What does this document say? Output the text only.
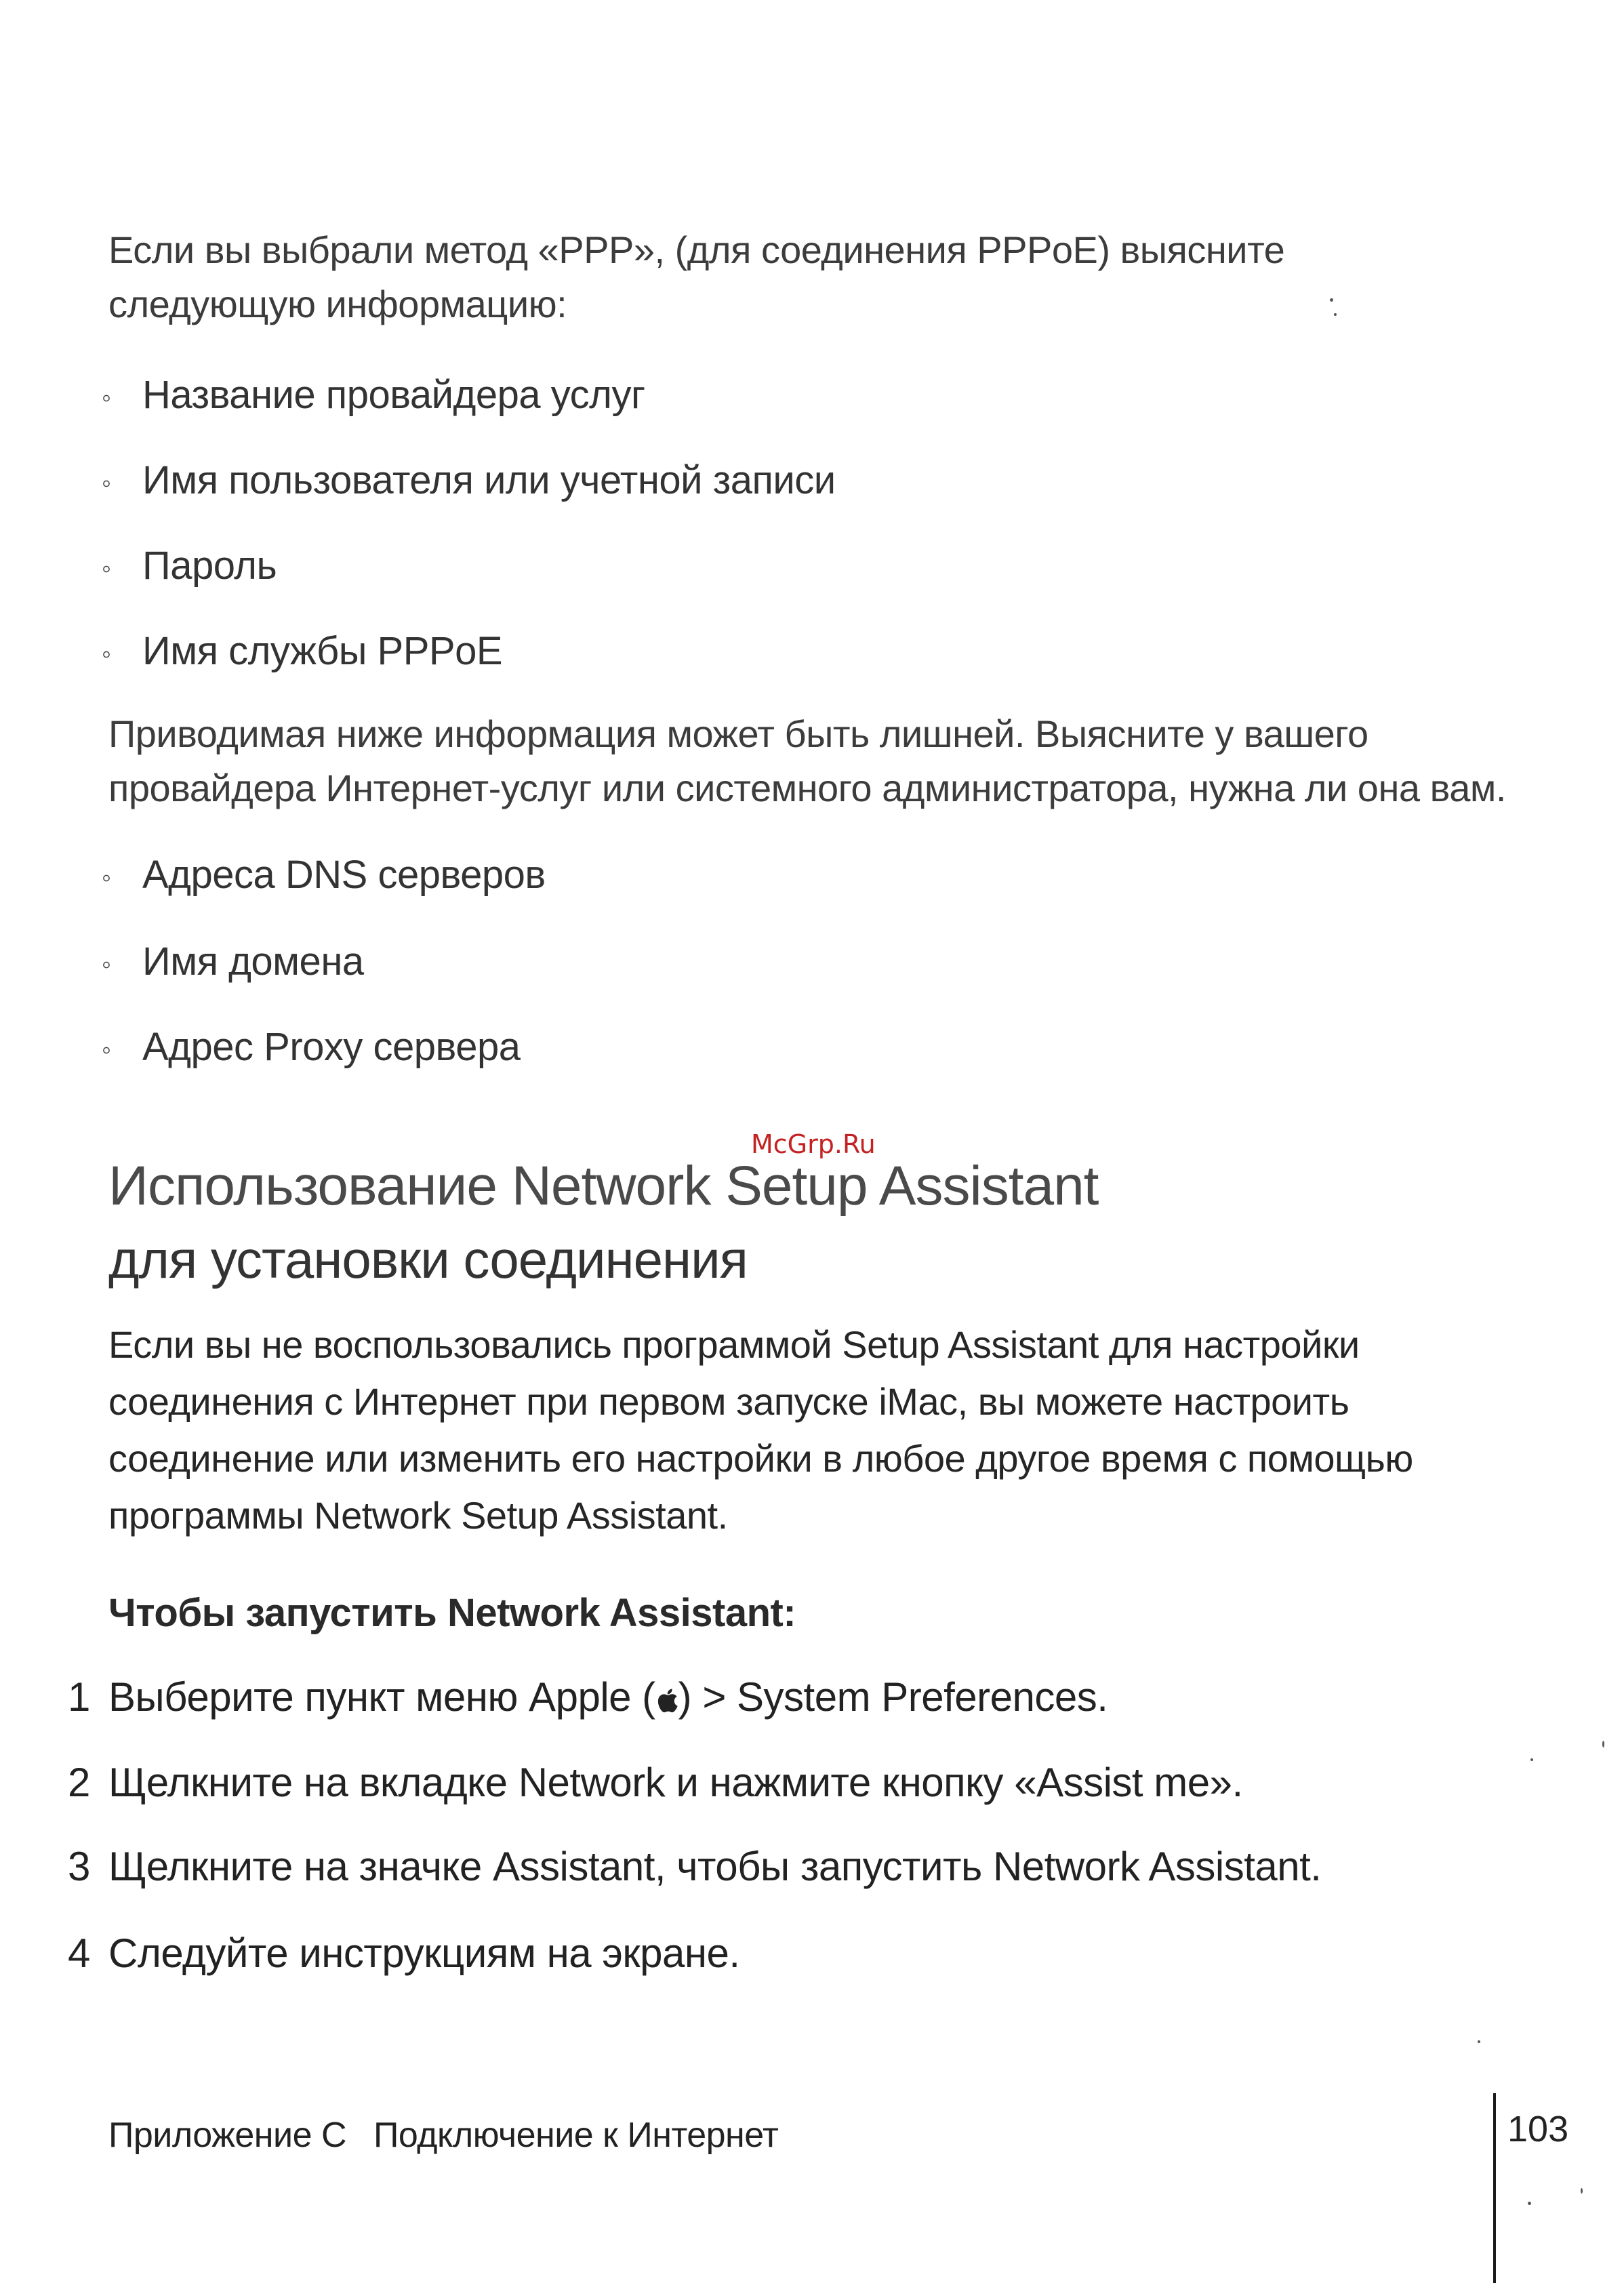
Если вы выбрали метод «PPP», (для соединения PPPoE) выясните
следующую информацию:
◦ Название провайдера услуг
◦ Имя пользователя или учетной записи
◦ Пароль
◦ Имя службы PPPoE
Приводимая ниже информация может быть лишней. Выясните у вашего
провайдера Интернет-услуг или системного администратора, нужна ли она вам.
◦ Адреса DNS серверов
◦ Имя домена
◦ Адрес Proxy сервера
McGrp.Ru
Использование Network Setup Assistant
для установки соединения
Если вы не воспользовались программой Setup Assistant для настройки
соединения с Интернет при первом запуске iMac, вы можете настроить
соединение или изменить его настройки в любое другое время с помощью
программы Network Setup Assistant.
Чтобы запустить Network Assistant:
1 Выберите пункт меню Apple ( ) > System Preferences.
2 Щелкните на вкладке Network и нажмите кнопку «Assist me».
3 Щелкните на значке Assistant, чтобы запустить Network Assistant.
4 Следуйте инструкциям на экране.
Приложение С Подключение к Интернет	103
